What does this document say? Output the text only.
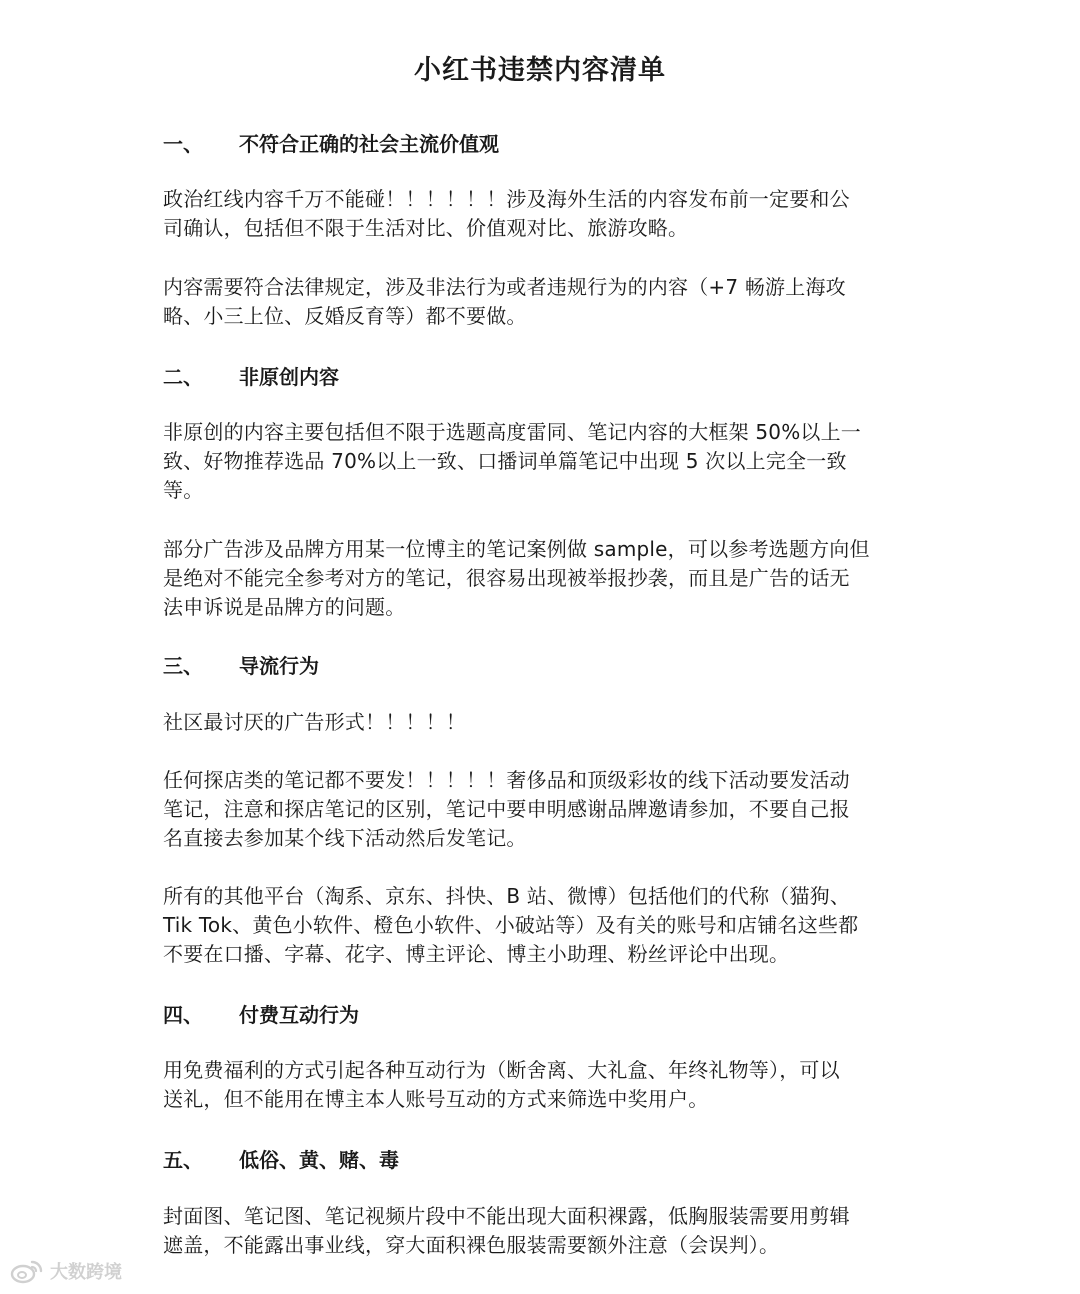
小红书违禁内容清单
一、 不符合正确的社会主流价值观
政治红线内容千万不能碰！！！！！！涉及海外生活的内容发布前一定要和公
司确认，包括但不限于生活对比、价值观对比、旅游攻略。
内容需要符合法律规定，涉及非法行为或者违规行为的内容（+7 畅游上海攻
略、小三上位、反婚反育等）都不要做。
二、 非原创内容
非原创的内容主要包括但不限于选题高度雷同、笔记内容的大框架 50%以上一
致、好物推荐选品 70%以上一致、口播词单篇笔记中出现 5 次以上完全一致
等。
部分广告涉及品牌方用某一位博主的笔记案例做 sample，可以参考选题方向但
是绝对不能完全参考对方的笔记，很容易出现被举报抄袭，而且是广告的话无
法申诉说是品牌方的问题。
三、 导流行为
社区最讨厌的广告形式！！！！！
任何探店类的笔记都不要发！！！！！奢侈品和顶级彩妆的线下活动要发活动
笔记，注意和探店笔记的区别，笔记中要申明感谢品牌邀请参加，不要自己报
名直接去参加某个线下活动然后发笔记。
所有的其他平台（淘系、京东、抖快、B 站、微博）包括他们的代称（猫狗、
Tik Tok、黄色小软件、橙色小软件、小破站等）及有关的账号和店铺名这些都
不要在口播、字幕、花字、博主评论、博主小助理、粉丝评论中出现。
四、 付费互动行为
用免费福利的方式引起各种互动行为（断舍离、大礼盒、年终礼物等），可以
送礼，但不能用在博主本人账号互动的方式来筛选中奖用户。
五、 低俗、黄、赌、毒
封面图、笔记图、笔记视频片段中不能出现大面积裸露，低胸服装需要用剪辑
遮盖，不能露出事业线，穿大面积裸色服装需要额外注意（会误判）。
大数跨境
